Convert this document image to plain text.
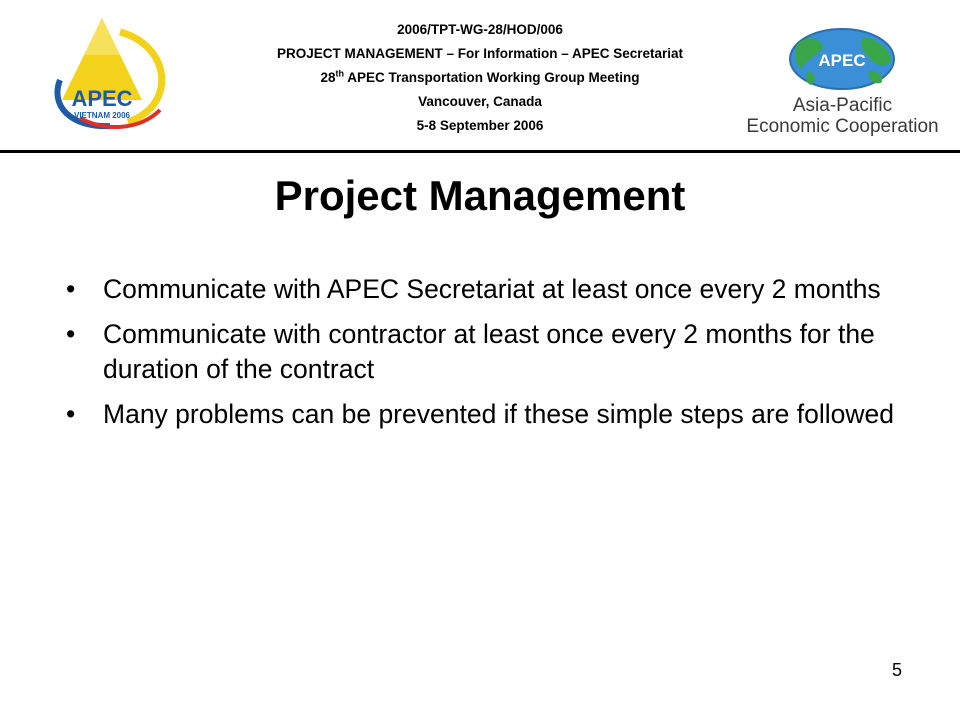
APEC
VIETNAM 2006
2006/TPT-WG-28/HOD/006
PROJECT MANAGEMENT – For Information – APEC Secretariat
28th APEC Transportation Working Group Meeting
Vancouver, Canada
5-8 September 2006
APEC
Asia-Pacific
Economic Cooperation
Project Management
• Communicate with APEC Secretariat at least once every 2 months
• Communicate with contractor at least once every 2 months for the duration of the contract
• Many problems can be prevented if these simple steps are followed
5
